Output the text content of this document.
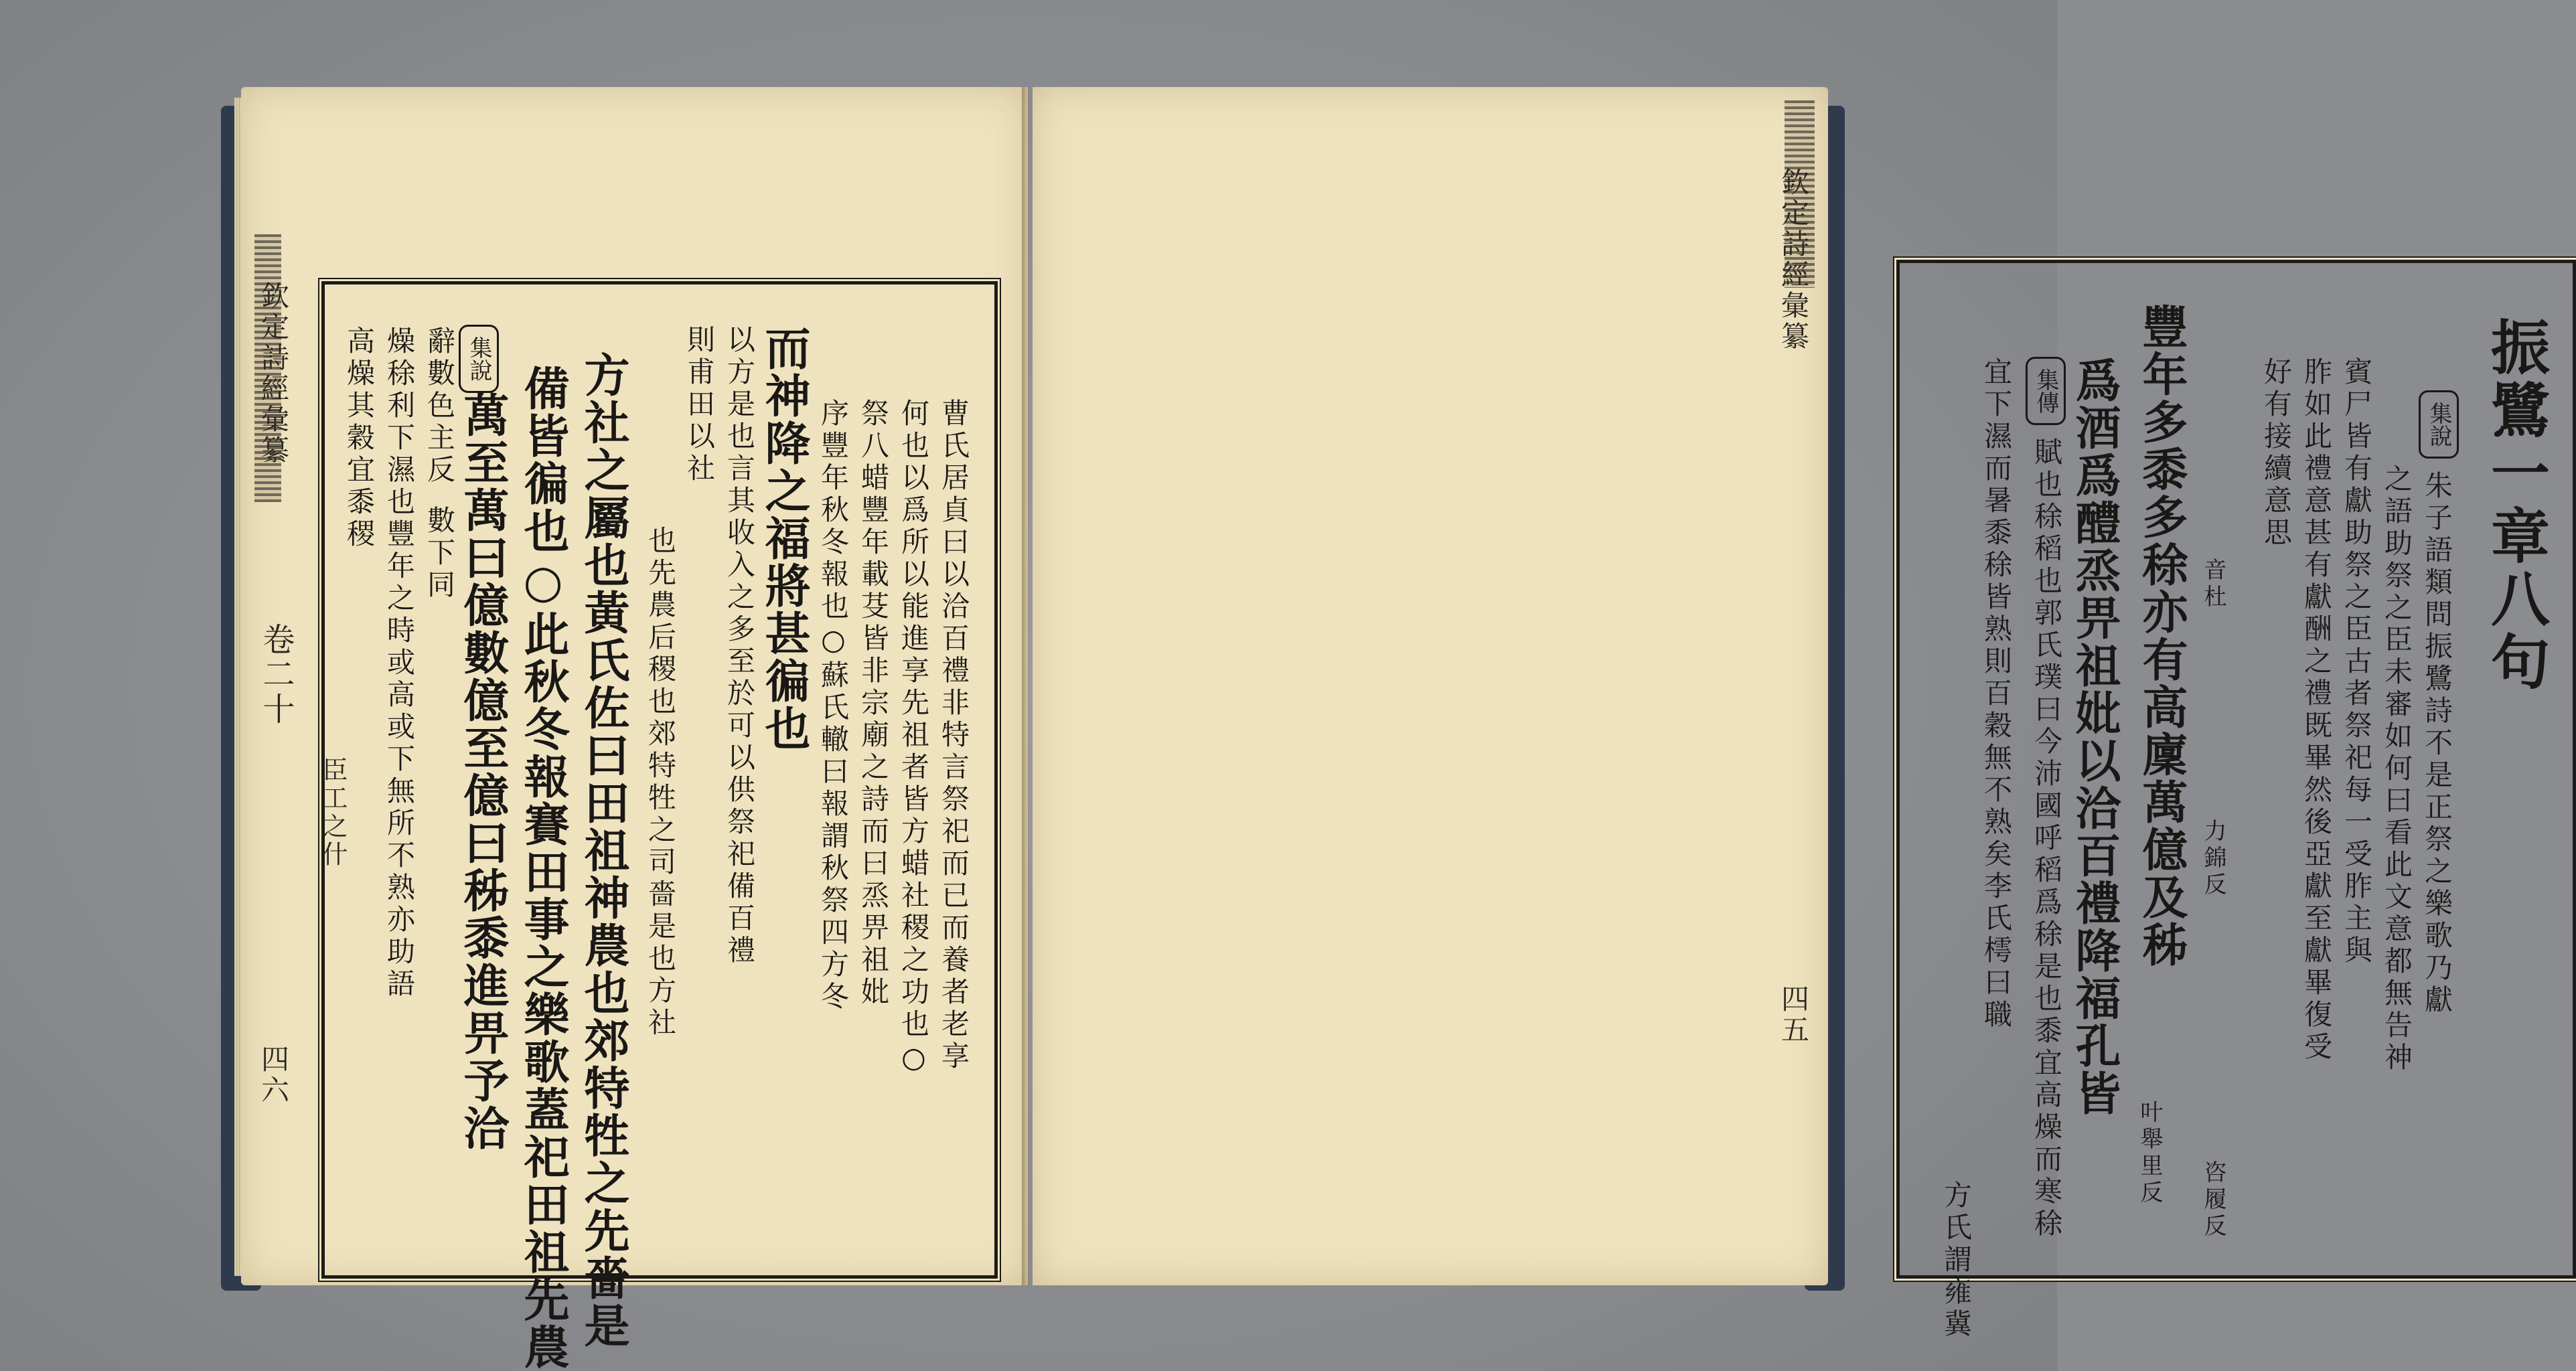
欽定詩經彙纂
卷二十
臣工之什
四六
集說
高燥其穀宜黍稷 燥稌利下濕也豐年之時或高或下無所不熟亦助語 辭數色主反
數下同 萬至萬曰億數億至億曰秭黍進畀予洽 備皆徧也○此秋冬報賽田事之樂歌蓋祀田祖先農 方社之屬也黃氏佐曰田祖神農也郊特牲之先嗇是 也先農后稷也郊特牲之司嗇是也方社
則甫田以社 以方是也言其收入之多至於可以供祭祀備百禮 而神降之福將甚徧也 序豐年秋冬報也○蘇氏轍曰報謂秋祭四方冬 祭八蜡豐年載芟皆非宗廟之詩而曰烝畀祖妣 何也以爲所以能進享先祖者皆方蜡社稷之功也○ 曹氏居貞曰以洽百禮非特言祭祀而已而養者老享
欽定詩經彙纂
四五
振鷺一章八句
集說
朱子語類問振鷺詩不是正祭之樂歌乃獻
之語助祭之臣未審如何曰看此文意都無告神
賓尸皆有獻助祭之臣古者祭祀每一受胙主與
胙如此禮意甚有獻酬之禮既畢然後亞獻至獻畢復受
好有接續意思
豐年多黍多稌亦有高廩萬億及秭
爲酒爲醴烝畀祖妣以洽百禮降福孔皆
集傳
賦也稌稻也郭氏璞曰今沛國呼稻爲稌是也黍宜高燥而寒稌
宜下濕而暑黍稌皆熟則百穀無不熟矣李氏樗曰職
方氏謂雍冀
音杜
力錦反
咨履反
叶舉里反
